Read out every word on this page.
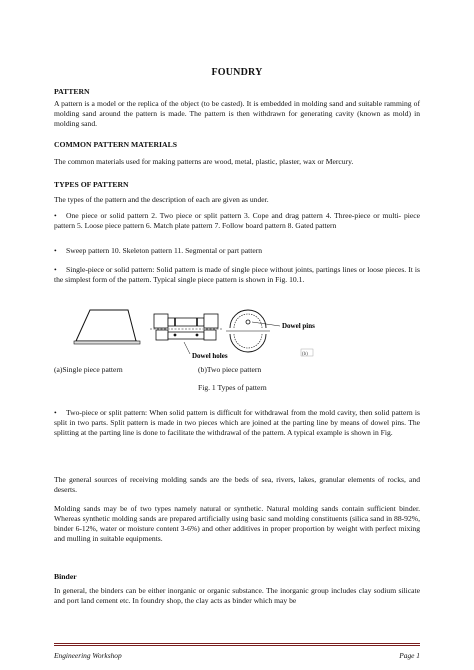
FOUNDRY
PATTERN
A pattern is a model or the replica of the object (to be casted). It is embedded in molding sand and suitable ramming of molding sand around the pattern is made. The pattern is then withdrawn for generating cavity (known as mold) in molding sand.
COMMON PATTERN MATERIALS
The common materials used for making patterns are wood, metal, plastic, plaster, wax or Mercury.
TYPES OF PATTERN
The types of the pattern and the description of each are given as under.
•	One piece or solid pattern 2. Two piece or split pattern 3. Cope and drag pattern 4. Three-piece or multi- piece pattern 5. Loose piece pattern 6. Match plate pattern 7. Follow board pattern 8. Gated pattern
•	Sweep pattern 10. Skeleton pattern 11. Segmental or part pattern
•	Single-piece or solid pattern: Solid pattern is made of single piece without joints, partings lines or loose pieces. It is the simplest form of the pattern. Typical single piece pattern is shown in Fig. 10.1.
Dowel pins
Dowel holes	(b)
(a)Single piece pattern	(b)Two piece pattern
Fig. 1 Types of pattern
•	Two-piece or split pattern: When solid pattern is difficult for withdrawal from the mold cavity, then solid pattern is split in two parts. Split pattern is made in two pieces which are joined at the parting line by means of dowel pins. The splitting at the parting line is done to facilitate the withdrawal of the pattern. A typical example is shown in Fig.
The general sources of receiving molding sands are the beds of sea, rivers, lakes, granular elements of rocks, and deserts.
Molding sands may be of two types namely natural or synthetic. Natural molding sands contain sufficient binder. Whereas synthetic molding sands are prepared artificially using basic sand molding constituents (silica sand in 88-92%, binder 6-12%, water or moisture content 3-6%) and other additives in proper proportion by weight with perfect mixing and mulling in suitable equipments.
Binder
In general, the binders can be either inorganic or organic substance. The inorganic group includes clay sodium silicate and port land cement etc. In foundry shop, the clay acts as binder which may be
Engineering Workshop	Page 1
